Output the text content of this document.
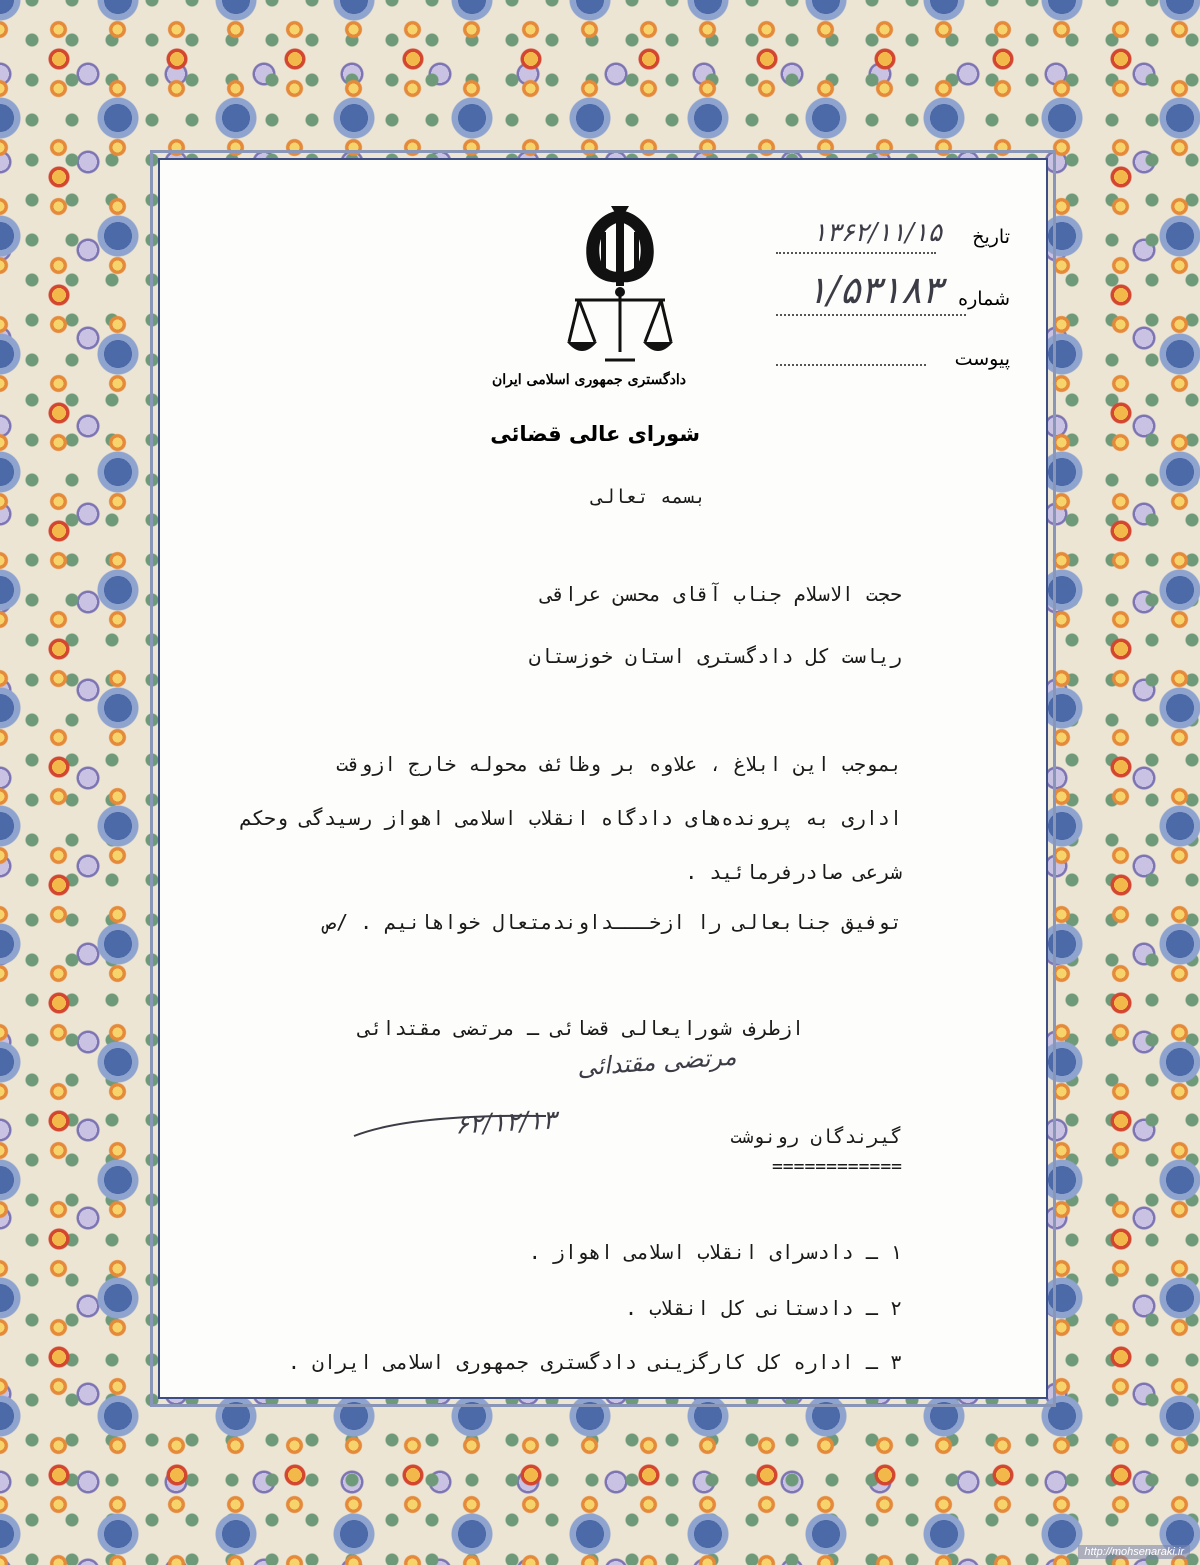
دادگستری جمهوری اسلامی ایران
شورای عالی قضائی
تاریخ
۱۳۶۲/۱۱/۱۵
شماره
۱/۵۳۱۸۳
پیوست
بسمه تعالی
حجت الاسلام جناب آقای محسن عراقی
ریاست کل دادگستری استان خوزستان
بموجب این ابلاغ ، علاوه بر وظائف محوله خارج ازوقت
اداری به پرونده‌های دادگاه انقلاب اسلامی اهواز رسیدگی وحکم
شرعی صادرفرمائید .
توفیق جنابعالی را ازخـــداوندمتعال خواهانیم . /ص
ازطرف شورایعالی قضائی ـ مرتضی مقتدائی
مرتضی مقتدائی
۶۲/۱۲/۱۳	گیرندگان رونوشت
============
۱ ـ دادسرای انقلاب اسلامی اهواز .
۲ ـ دادستانی کل انقلاب .
۳ ـ اداره کل کارگزینی دادگستری جمهوری اسلامی ایران .
http://mohsenaraki.ir
